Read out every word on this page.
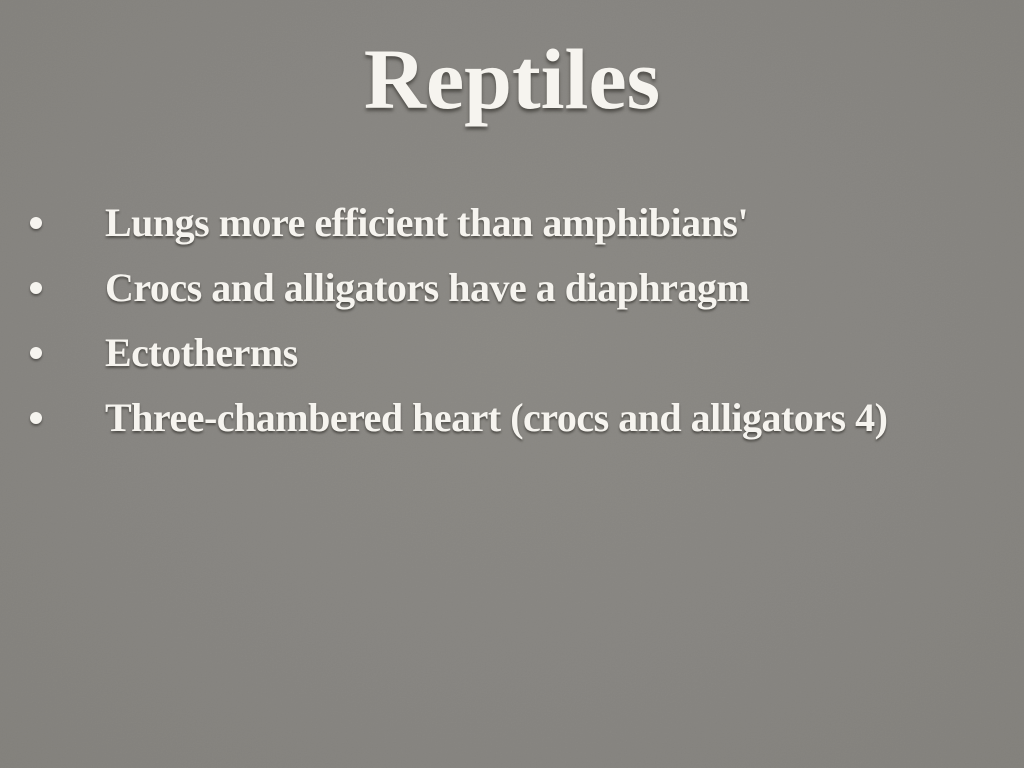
Reptiles
Lungs more efficient than amphibians'
Crocs and alligators have a diaphragm
Ectotherms
Three-chambered heart (crocs and alligators 4)
